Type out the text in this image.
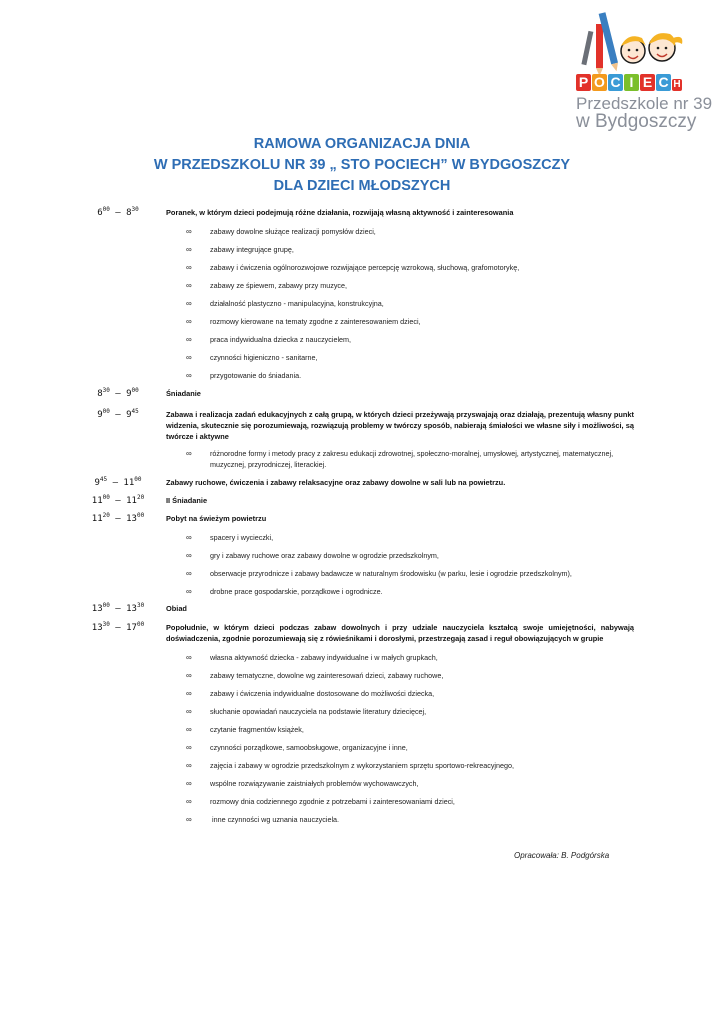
P O C I E C H
Przedszkole nr 39
w Bydgoszczy
RAMOWA ORGANIZACJA DNIA
W PRZEDSZKOLU NR 39 „ STO POCIECH” W BYDGOSZCZY
DLA DZIECI MŁODSZYCH
$6^{00} - 8^{30}$	Poranek, w którym dzieci podejmują różne działania, rozwijają własną aktywność i zainteresowania
∞	zabawy dowolne służące realizacji pomysłów dzieci,
∞	zabawy integrujące grupę,
∞	zabawy i ćwiczenia ogólnorozwojowe rozwijające percepcję wzrokową, słuchową, grafomotorykę,
∞	zabawy ze śpiewem, zabawy przy muzyce,
∞	działalność plastyczno - manipulacyjna, konstrukcyjna,
∞	rozmowy kierowane na tematy zgodne z zainteresowaniem dzieci,
∞	praca indywidualna dziecka z nauczycielem,
∞	czynności higieniczno - sanitarne,
∞	przygotowanie do śniadania.
$8^{30} - 9^{00}$	Śniadanie
$9^{00} - 9^{45}$	Zabawa i realizacja zadań edukacyjnych z całą grupą, w których dzieci przeżywają przyswajają oraz działają, prezentują własny punkt widzenia, skutecznie się porozumiewają, rozwiązują problemy w twórczy sposób, nabierają śmiałości we własne siły i możliwości, są twórcze i aktywne
∞	różnorodne formy i metody pracy z zakresu edukacji zdrowotnej, społeczno-moralnej, umysłowej, artystycznej, matematycznej, muzycznej, przyrodniczej, literackiej.
$9^{45} - 11^{00}$	Zabawy ruchowe, ćwiczenia i zabawy relaksacyjne oraz zabawy dowolne w sali lub na powietrzu.
$11^{00} - 11^{20}$	II Śniadanie
$11^{20} - 13^{00}$	Pobyt na świeżym powietrzu
∞	spacery i wycieczki,
∞	gry i zabawy ruchowe oraz zabawy dowolne w ogrodzie przedszkolnym,
∞	obserwacje przyrodnicze i zabawy badawcze w naturalnym środowisku (w parku, lesie i ogrodzie przedszkolnym),
∞	drobne prace gospodarskie, porządkowe i ogrodnicze.
$13^{00} - 13^{30}$	Obiad
$13^{30} - 17^{00}$	Popołudnie, w którym dzieci podczas zabaw dowolnych i przy udziale nauczyciela kształcą swoje umiejętności, nabywają doświadczenia, zgodnie porozumiewają się z rówieśnikami i dorosłymi, przestrzegają zasad i reguł obowiązujących w grupie
∞	własna aktywność dziecka - zabawy indywidualne i w małych grupkach,
∞	zabawy tematyczne, dowolne wg zainteresowań dzieci, zabawy ruchowe,
∞	zabawy i ćwiczenia indywidualne dostosowane do możliwości dziecka,
∞	słuchanie opowiadań nauczyciela na podstawie literatury dziecięcej,
∞	czytanie fragmentów książek,
∞	czynności porządkowe, samoobsługowe, organizacyjne i inne,
∞	zajęcia i zabawy w ogrodzie przedszkolnym z wykorzystaniem sprzętu sportowo-rekreacyjnego,
∞	wspólne rozwiązywanie zaistniałych problemów wychowawczych,
∞	rozmowy dnia codziennego zgodnie z potrzebami i zainteresowaniami dzieci,
∞	inne czynności wg uznania nauczyciela.
Opracowała: B. Podgórska
